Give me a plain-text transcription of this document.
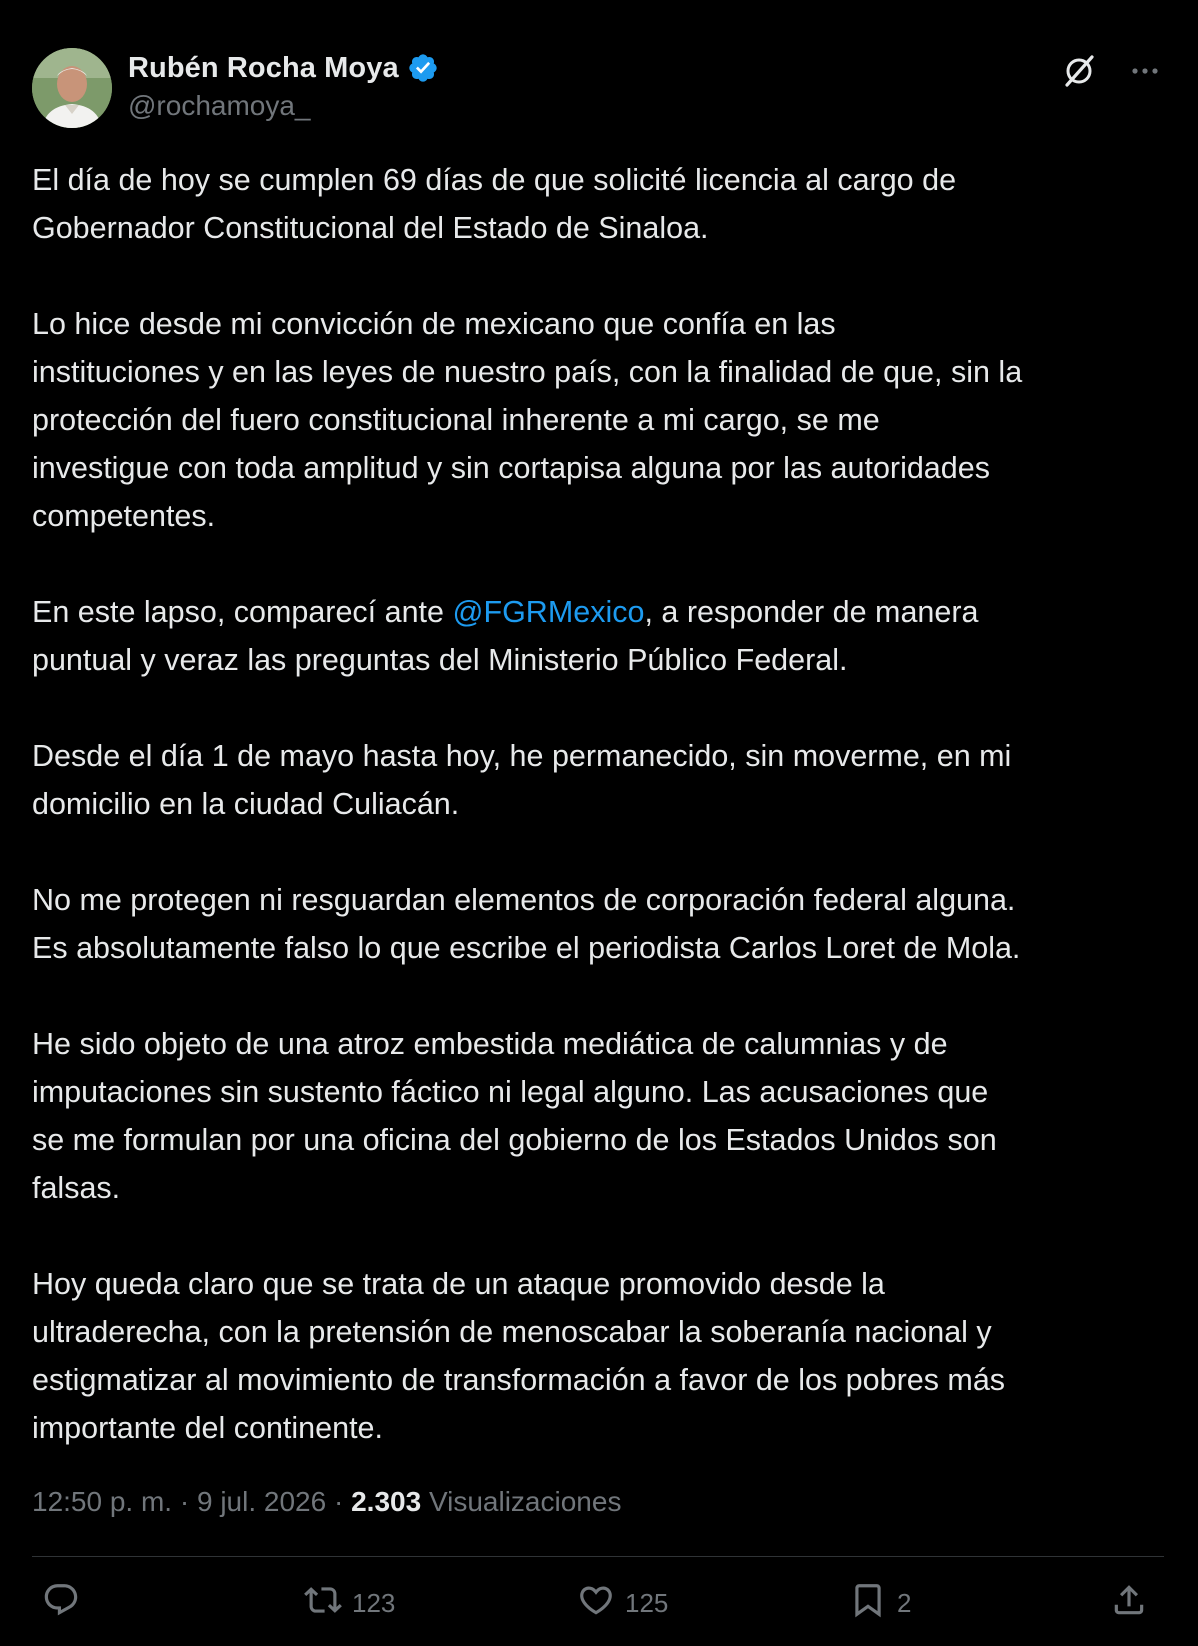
Rubén Rocha Moya
@rochamoya_

El día de hoy se cumplen 69 días de que solicité licencia al cargo de
Gobernador Constitucional del Estado de Sinaloa.

Lo hice desde mi convicción de mexicano que confía en las
instituciones y en las leyes de nuestro país, con la finalidad de que, sin la
protección del fuero constitucional inherente a mi cargo, se me
investigue con toda amplitud y sin cortapisa alguna por las autoridades
competentes.

En este lapso, comparecí ante @FGRMexico, a responder de manera
puntual y veraz las preguntas del Ministerio Público Federal.

Desde el día 1 de mayo hasta hoy, he permanecido, sin moverme, en mi
domicilio en la ciudad Culiacán.

No me protegen ni resguardan elementos de corporación federal alguna.
Es absolutamente falso lo que escribe el periodista Carlos Loret de Mola.

He sido objeto de una atroz embestida mediática de calumnias y de
imputaciones sin sustento fáctico ni legal alguno. Las acusaciones que
se me formulan por una oficina del gobierno de los Estados Unidos son
falsas.

Hoy queda claro que se trata de un ataque promovido desde la
ultraderecha, con la pretensión de menoscabar la soberanía nacional y
estigmatizar al movimiento de transformación a favor de los pobres más
importante del continente.

12:50 p. m. · 9 jul. 2026 · 2.303 Visualizaciones
123	125	2
